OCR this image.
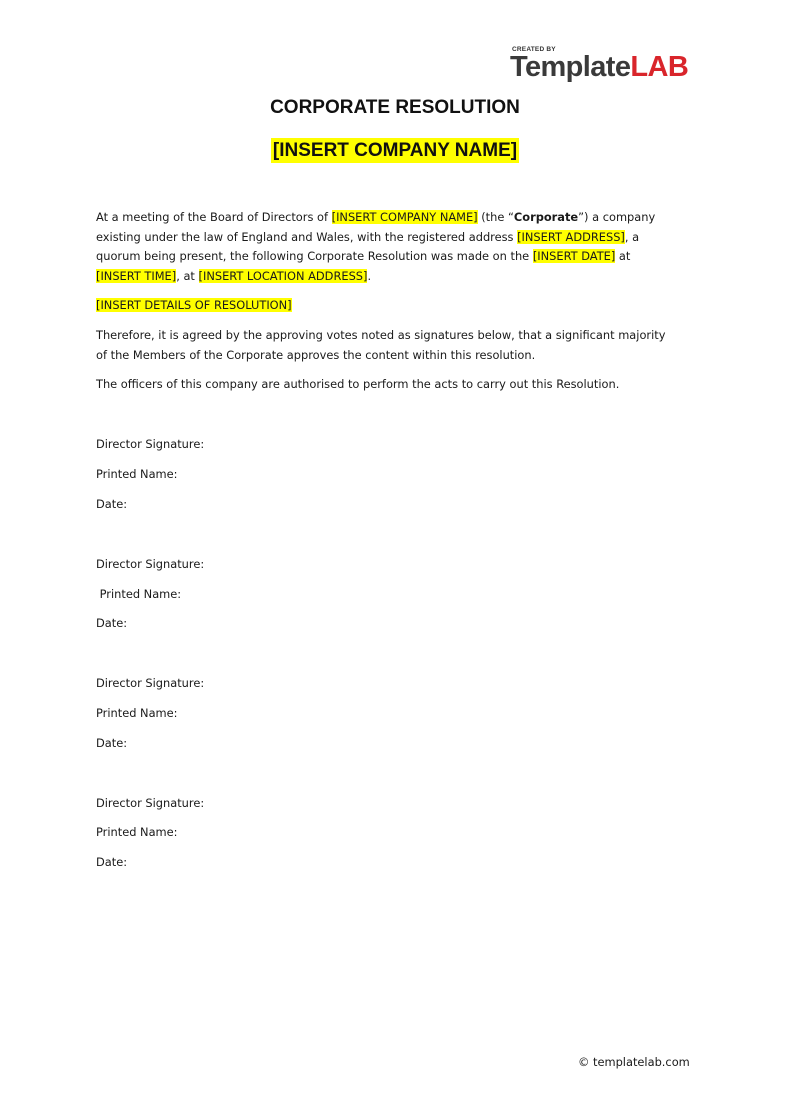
CREATED BY
TemplateLAB
CORPORATE RESOLUTION
[INSERT COMPANY NAME]
At a meeting of the Board of Directors of [INSERT COMPANY NAME] (the “Corporate”) a company
existing under the law of England and Wales, with the registered address [INSERT ADDRESS], a
quorum being present, the following Corporate Resolution was made on the [INSERT DATE] at
[INSERT TIME], at [INSERT LOCATION ADDRESS].
[INSERT DETAILS OF RESOLUTION]
Therefore, it is agreed by the approving votes noted as signatures below, that a significant majority
of the Members of the Corporate approves the content within this resolution.
The officers of this company are authorised to perform the acts to carry out this Resolution.
Director Signature:
Printed Name:
Date:
Director Signature:
Printed Name:
Date:
Director Signature:
Printed Name:
Date:
Director Signature:
Printed Name:
Date:
© templatelab.com
